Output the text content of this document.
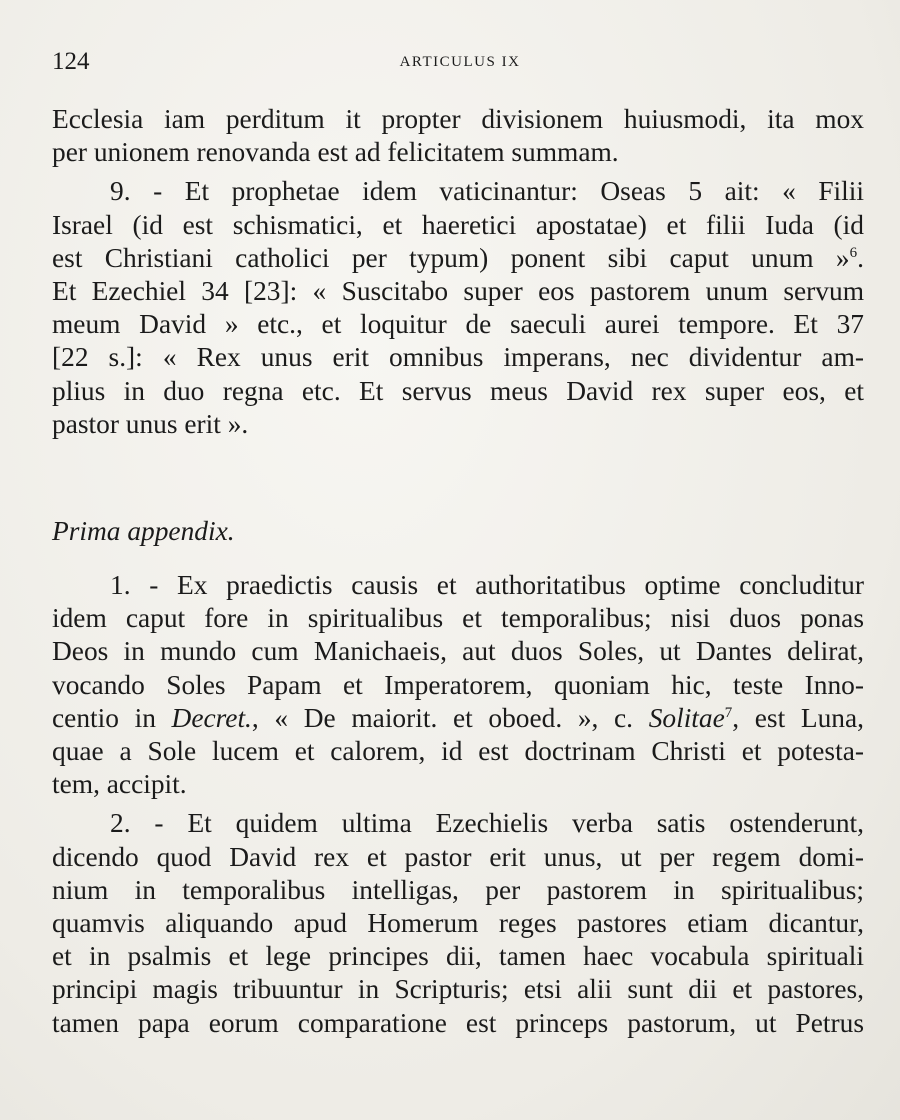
124	ARTICULUS IX

Ecclesia iam perditum it propter divisionem huiusmodi, ita mox
per unionem renovanda est ad felicitatem summam.

9. - Et prophetae idem vaticinantur: Oseas 5 ait: « Filii
Israel (id est schismatici, et haeretici apostatae) et filii Iuda (id
est Christiani catholici per typum) ponent sibi caput unum »$^6$.
Et Ezechiel 34 [23]: « Suscitabo super eos pastorem unum servum
meum David » etc., et loquitur de saeculi aurei tempore. Et 37
[22 s.]: « Rex unus erit omnibus imperans, nec dividentur am-
plius in duo regna etc. Et servus meus David rex super eos, et
pastor unus erit ».

Prima appendix.

1. - Ex praedictis causis et authoritatibus optime concluditur
idem caput fore in spiritualibus et temporalibus; nisi duos ponas
Deos in mundo cum Manichaeis, aut duos Soles, ut Dantes delirat,
vocando Soles Papam et Imperatorem, quoniam hic, teste Inno-
centio in Decret., « De maiorit. et oboed. », c. Solitae$^7$, est Luna,
quae a Sole lucem et calorem, id est doctrinam Christi et potesta-
tem, accipit.

2. - Et quidem ultima Ezechielis verba satis ostenderunt,
dicendo quod David rex et pastor erit unus, ut per regem domi-
nium in temporalibus intelligas, per pastorem in spiritualibus;
quamvis aliquando apud Homerum reges pastores etiam dicantur,
et in psalmis et lege principes dii, tamen haec vocabula spirituali
principi magis tribuuntur in Scripturis; etsi alii sunt dii et pastores,
tamen papa eorum comparatione est princeps pastorum, ut Petrus
